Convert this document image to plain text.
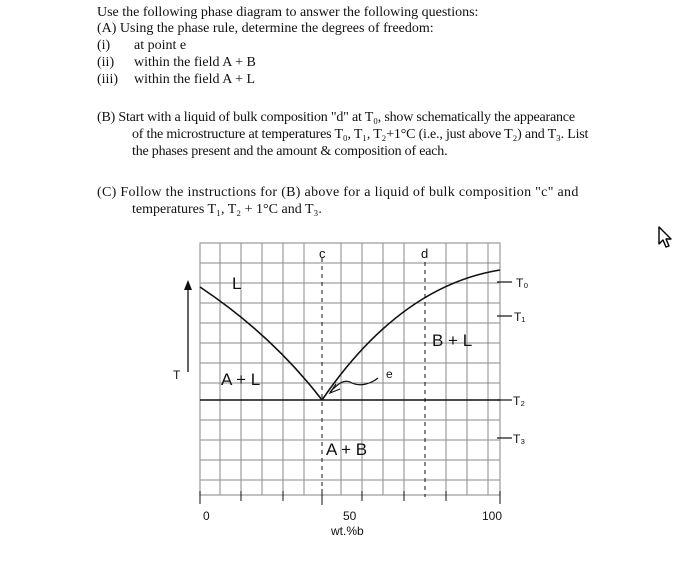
Use the following phase diagram to answer the following questions:
(A) Using the phase rule, determine the degrees of freedom:
(i) at point e
(ii) within the field A + B
(iii) within the field A + L
(B) Start with a liquid of bulk composition "d" at T₀, show schematically the appearance
of the microstructure at temperatures T₀, T₁, T₂+1°C (i.e., just above T₂) and T₃. List
the phases present and the amount & composition of each.
(C) Follow the instructions for (B) above for a liquid of bulk composition "c" and
temperatures T₁, T₂ + 1°C and T₃.
c	d
e
L
B + L
A + L
A + B
T
T₀
T₁
T₂
T₃
0	50	100
wt.%b
